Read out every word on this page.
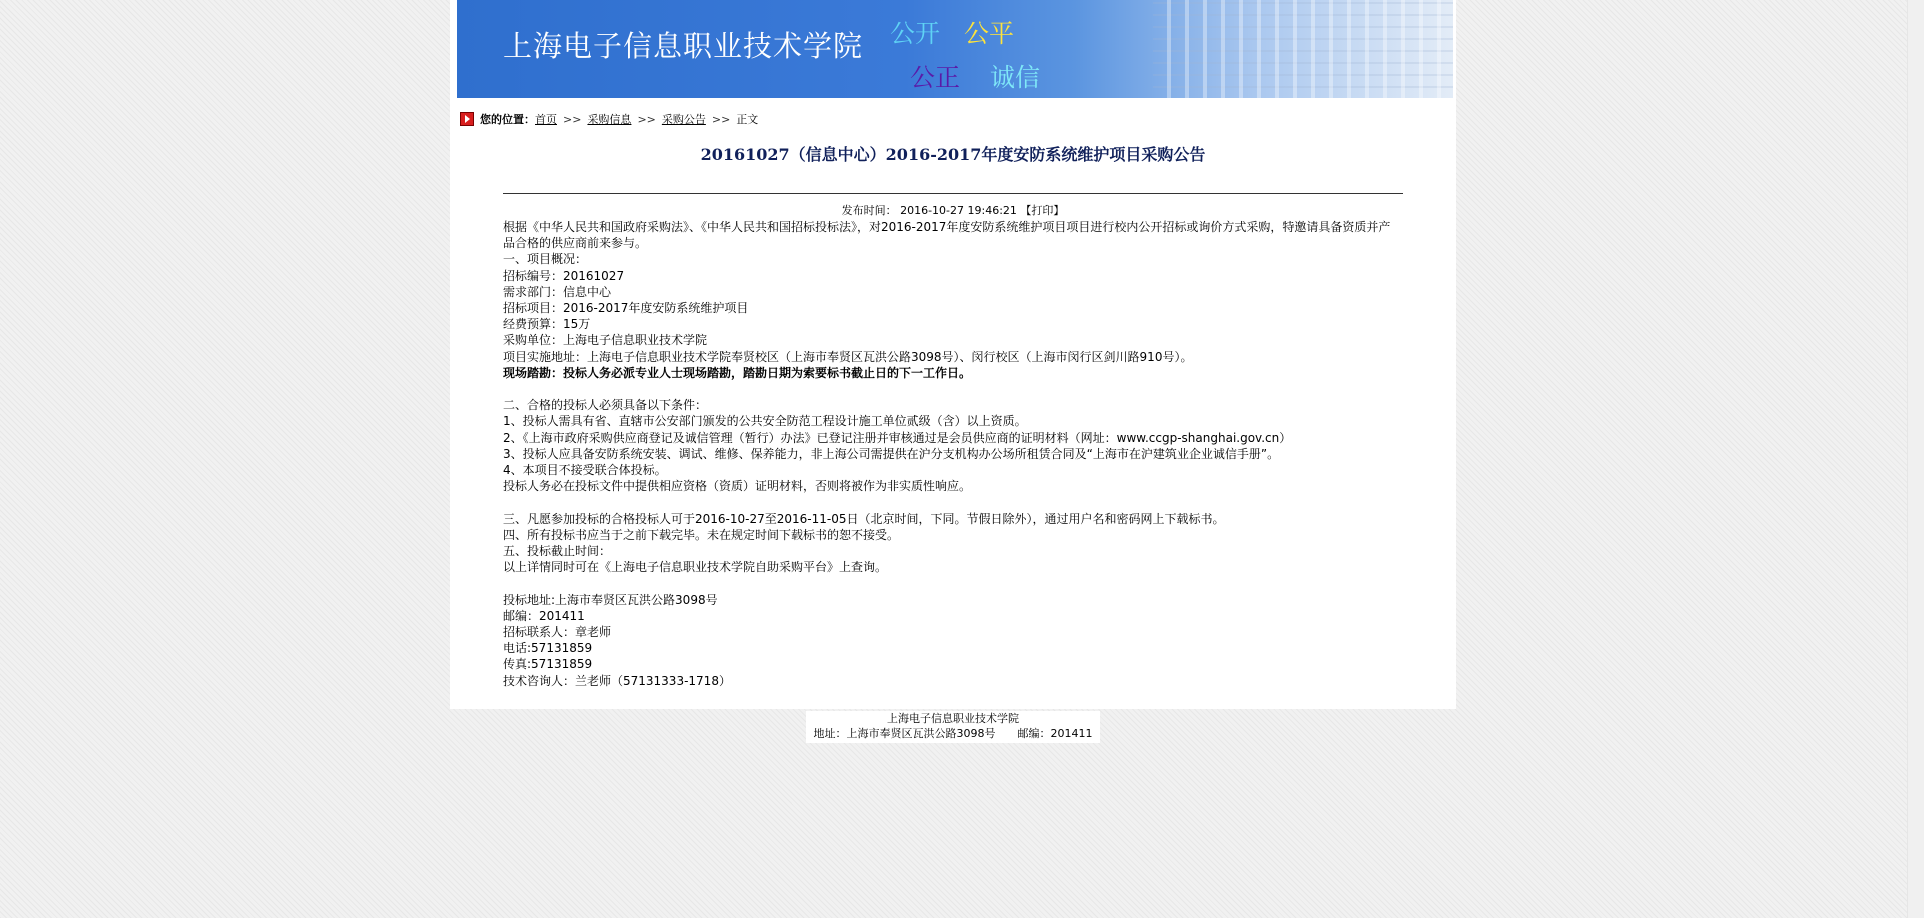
上海电子信息职业技术学院 公开 公平
公正 诚信
您的位置： 首页 >> 采购信息 >> 采购公告 >> 正文
20161027（信息中心）2016-2017年度安防系统维护项目采购公告
发布时间： 2016-10-27 19:46:21 【打印】

根据《中华人民共和国政府采购法》、《中华人民共和国招标投标法》，对2016-2017年度安防系统维护项目项目进行校内公开招标或询价方式采购，特邀请具备资质并产品合格的供应商前来参与。

一、项目概况：

招标编号：20161027

需求部门：信息中心

招标项目：2016-2017年度安防系统维护项目

经费预算：15万

采购单位：上海电子信息职业技术学院

项目实施地址：上海电子信息职业技术学院奉贤校区（上海市奉贤区瓦洪公路3098号）、闵行校区（上海市闵行区剑川路910号）。

现场踏勘：投标人务必派专业人士现场踏勘，踏勘日期为索要标书截止日的下一工作日。

二、合格的投标人必须具备以下条件：

1、投标人需具有省、直辖市公安部门颁发的公共安全防范工程设计施工单位贰级（含）以上资质。

2、《上海市政府采购供应商登记及诚信管理（暂行）办法》已登记注册并审核通过是会员供应商的证明材料（网址：www.ccgp-shanghai.gov.cn）

3、投标人应具备安防系统安装、调试、维修、保养能力，非上海公司需提供在沪分支机构办公场所租赁合同及“上海市在沪建筑业企业诚信手册”。

4、本项目不接受联合体投标。

投标人务必在投标文件中提供相应资格（资质）证明材料，否则将被作为非实质性响应。

三、凡愿参加投标的合格投标人可于2016-10-27至2016-11-05日（北京时间，下同。节假日除外），通过用户名和密码网上下载标书。

四、所有投标书应当于之前下载完毕。未在规定时间下载标书的恕不接受。

五、投标截止时间：

以上详情同时可在《上海电子信息职业技术学院自助采购平台》上查询。

投标地址:上海市奉贤区瓦洪公路3098号

邮编：201411

招标联系人：章老师

电话:57131859

传真:57131859

技术咨询人：兰老师（57131333-1718）

上海电子信息职业技术学院
地址：上海市奉贤区瓦洪公路3098号 邮编：201411
